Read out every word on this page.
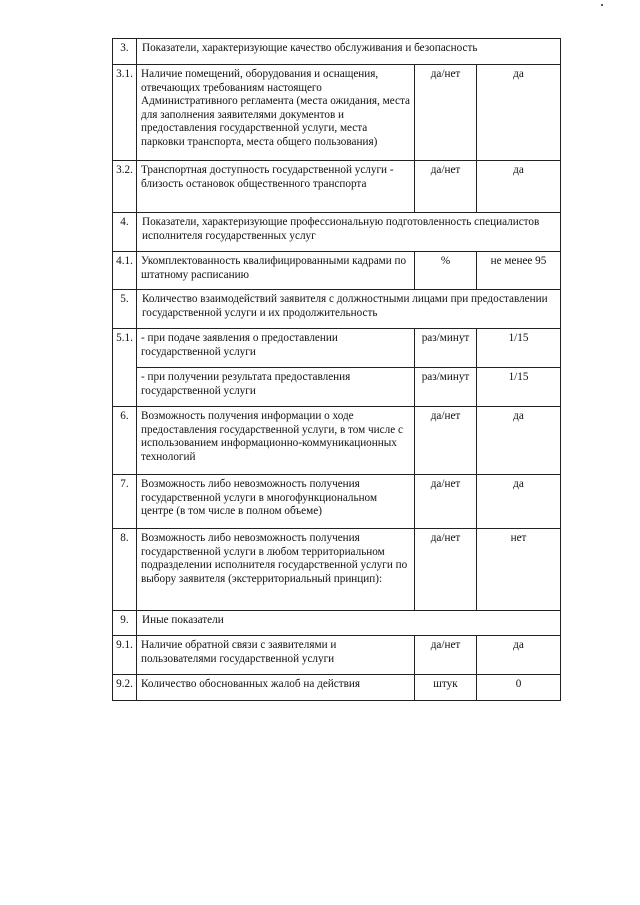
3.	Показатели, характеризующие качество обслуживания и безопасность		
3.1.	Наличие помещений, оборудования и оснащения, отвечающих требованиям настоящего Административного регламента (места ожидания, места для заполнения заявителями документов и предоставления государственной услуги, места парковки транспорта, места общего пользования)	да/нет	да
3.2.	Транспортная доступность государственной услуги - близость остановок общественного транспорта	да/нет	да
4.	Показатели, характеризующие профессиональную подготовленность специалистов исполнителя государственных услуг		
4.1.	Укомплектованность квалифицированными кадрами по штатному расписанию	%	не менее 95
5.	Количество взаимодействий заявителя с должностными лицами при предоставлении государственной услуги и их продолжительность		
5.1.	- при подаче заявления о предоставлении государственной услуги	раз/минут	1/15
	- при получении результата предоставления государственной услуги	раз/минут	1/15
6.	Возможность получения информации о ходе предоставления государственной услуги, в том числе с использованием информационно-коммуникационных технологий	да/нет	да
7.	Возможность либо невозможность получения государственной услуги в многофункциональном центре (в том числе в полном объеме)	да/нет	да
8.	Возможность либо невозможность получения государственной услуги в любом территориальном подразделении исполнителя государственной услуги по выбору заявителя (экстерриториальный принцип):	да/нет	нет
9.	Иные показатели		
9.1.	Наличие обратной связи с заявителями и пользователями государственной услуги	да/нет	да
9.2.	Количество обоснованных жалоб на действия	штук	0
